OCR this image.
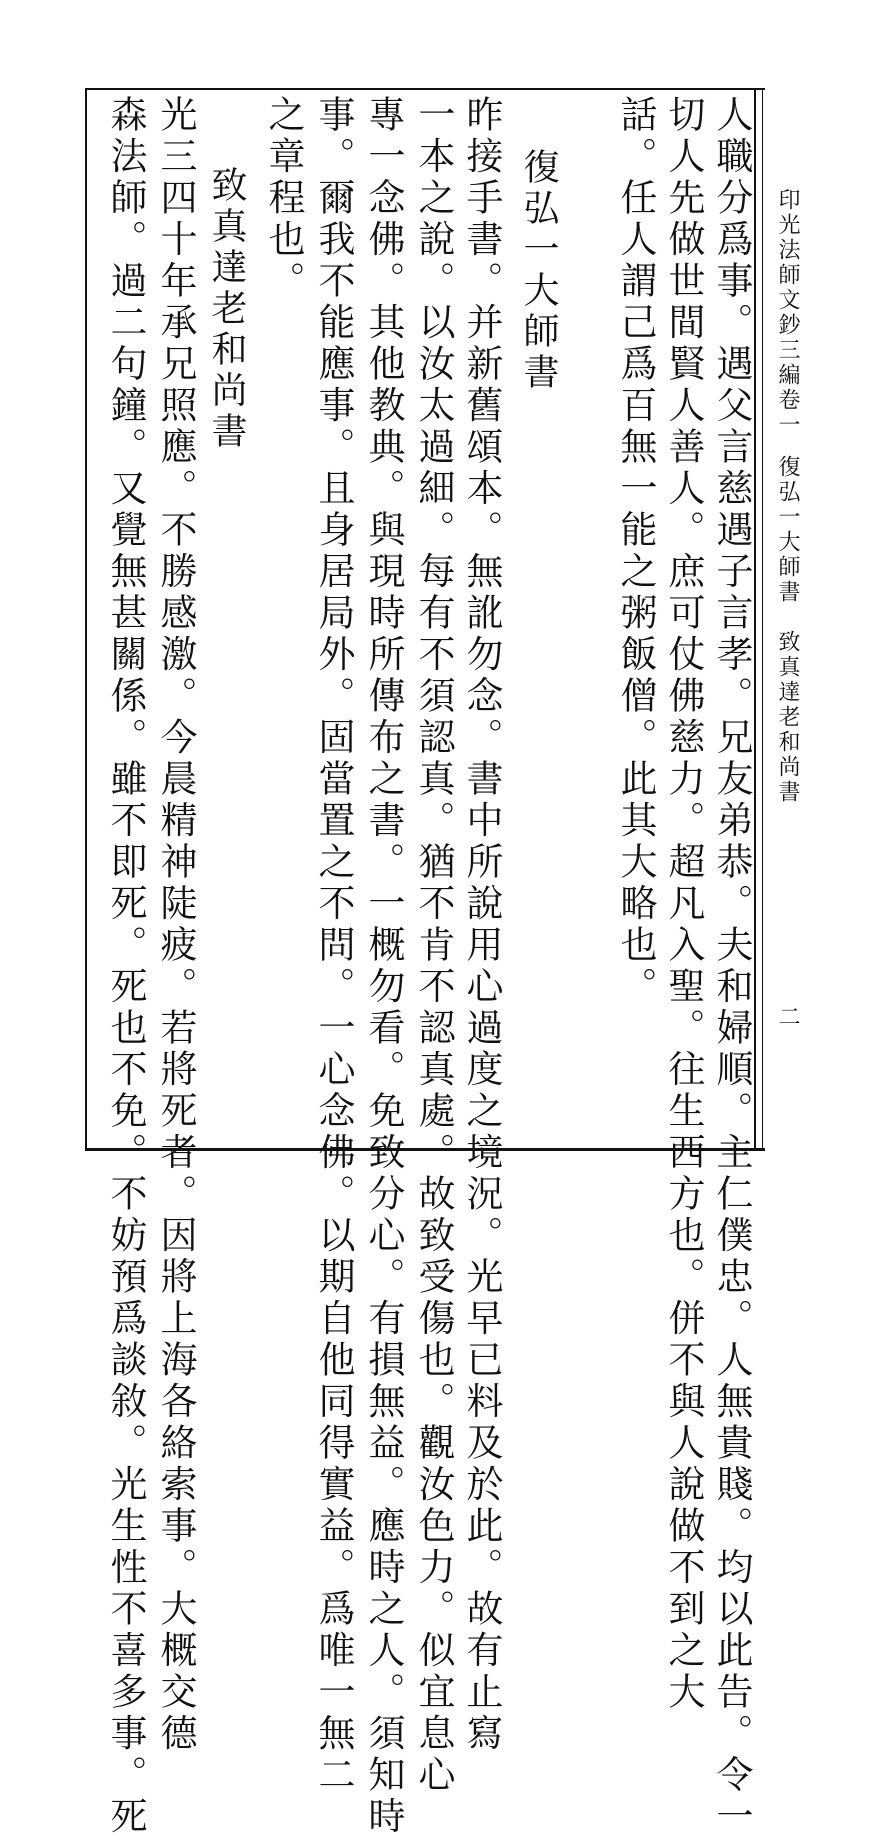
印光法師文鈔三編卷一
復弘一大師書　致真達老和尚書
二
人職分爲事。遇父言慈遇子言孝。兄友弟恭。夫和婦順。主仁僕忠。人無貴賤。均以此告。令一
切人先做世間賢人善人。庶可仗佛慈力。超凡入聖。往生西方也。併不與人說做不到之大
話。任人謂己爲百無一能之粥飯僧。此其大略也。
復弘一大師書
昨接手書。并新舊頌本。無訛勿念。書中所說用心過度之境況。光早已料及於此。故有止寫
一本之說。以汝太過細。每有不須認真。猶不肯不認真處。故致受傷也。觀汝色力。似宜息心
專一念佛。其他教典。與現時所傳布之書。一概勿看。免致分心。有損無益。應時之人。須知時
事。爾我不能應事。且身居局外。固當置之不問。一心念佛。以期自他同得實益。爲唯一無二
之章程也。
致真達老和尚書
光三四十年承兄照應。不勝感激。今晨精神陡疲。若將死者。因將上海各絡索事。大概交德
森法師。過二句鐘。又覺無甚關係。雖不即死。死也不免。不妨預爲談敘。光生性不喜多事。死
